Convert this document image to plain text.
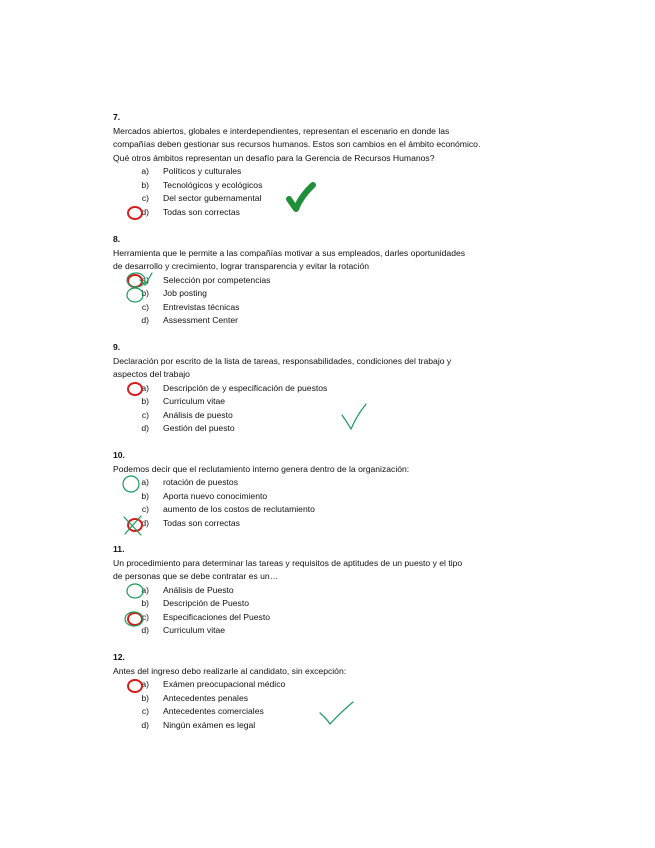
7.
Mercados abiertos, globales e interdependientes, representan el escenario en donde las
compañías deben gestionar sus recursos humanos. Estos son cambios en el ámbito económico.
Qué otros ámbitos representan un desafío para la Gerencia de Recursos Humanos?
a)	Políticos y culturales
b)	Tecnológicos y ecológicos
c)	Del sector gubernamental
d)	Todas son correctas
8.
Herramienta que le permite a las compañías motivar a sus empleados, darles oportunidades
de desarrollo y crecimiento, lograr transparencia y evitar la rotación
a)	Selección por competencias
b)	Job posting
c)	Entrevistas técnicas
d)	Assessment Center
9.
Declaración por escrito de la lista de tareas, responsabilidades, condiciones del trabajo y
aspectos del trabajo
a)	Descripción de y especificación de puestos
b)	Curriculum vitae
c)	Análisis de puesto
d)	Gestión del puesto
10.
Podemos decir que el reclutamiento interno genera dentro de la organización:
a)	rotación de puestos
b)	Aporta nuevo conocimiento
c)	aumento de los costos de reclutamiento
d)	Todas son correctas
11.
Un procedimiento para determinar las tareas y requisitos de aptitudes de un puesto y el tipo
de personas que se debe contratar es un…
a)	Análisis de Puesto
b)	Descripción de Puesto
c)	Especificaciones del Puesto
d)	Curriculum vitae
12.
Antes del ingreso debo realizarle al candidato, sin excepción:
a)	Exámen preocupacional médico
b)	Antecedentes penales
c)	Antecedentes comerciales
d)	Ningún exámen es legal
